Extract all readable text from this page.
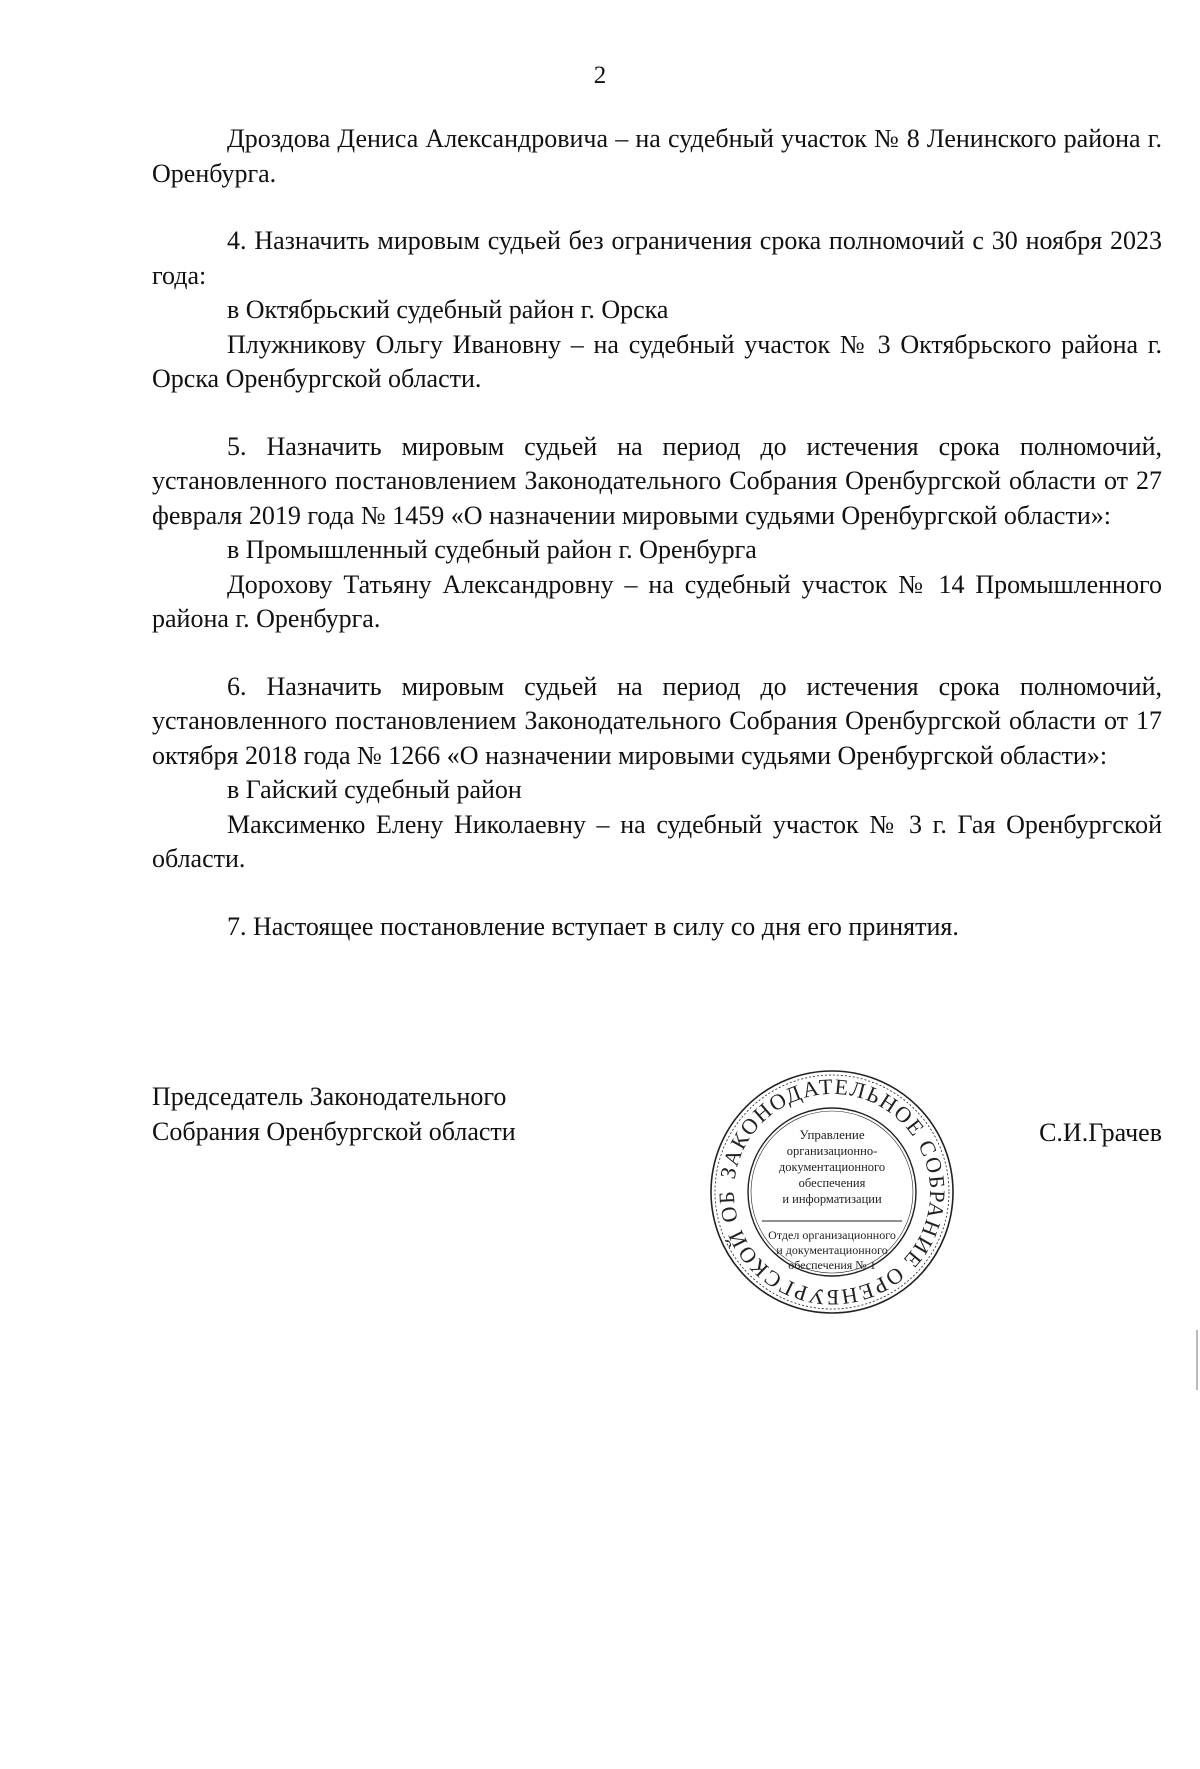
2

Дроздова Дениса Александровича – на судебный участок № 8 Ленинского района г. Оренбурга.

4. Назначить мировым судьей без ограничения срока полномочий с 30 ноября 2023 года:

в Октябрьский судебный район г. Орска

Плужникову Ольгу Ивановну – на судебный участок № 3 Октябрьского района г. Орска Оренбургской области.

5. Назначить мировым судьей на период до истечения срока полномочий, установленного постановлением Законодательного Собрания Оренбургской области от 27 февраля 2019 года № 1459 «О назначении мировыми судьями Оренбургской области»:

в Промышленный судебный район г. Оренбурга

Дорохову Татьяну Александровну – на судебный участок № 14 Промышленного района г. Оренбурга.

6. Назначить мировым судьей на период до истечения срока полномочий, установленного постановлением Законодательного Собрания Оренбургской области от 17 октября 2018 года № 1266 «О назначении мировыми судьями Оренбургской области»:

в Гайский судебный район

Максименко Елену Николаевну – на судебный участок № 3 г. Гая Оренбургской области.

7. Настоящее постановление вступает в силу со дня его принятия.

Председатель Законодательного
Собрания Оренбургской области
ЗАКОНОДАТЕЛЬНОЕ СОБРАНИЕ ОРЕНБУРГСКОЙ ОБ
Управление
организационно-
документационного
обеспечения
и информатизации
Отдел организационного
и документационного
обеспечения № 1
С.И.Грачев
